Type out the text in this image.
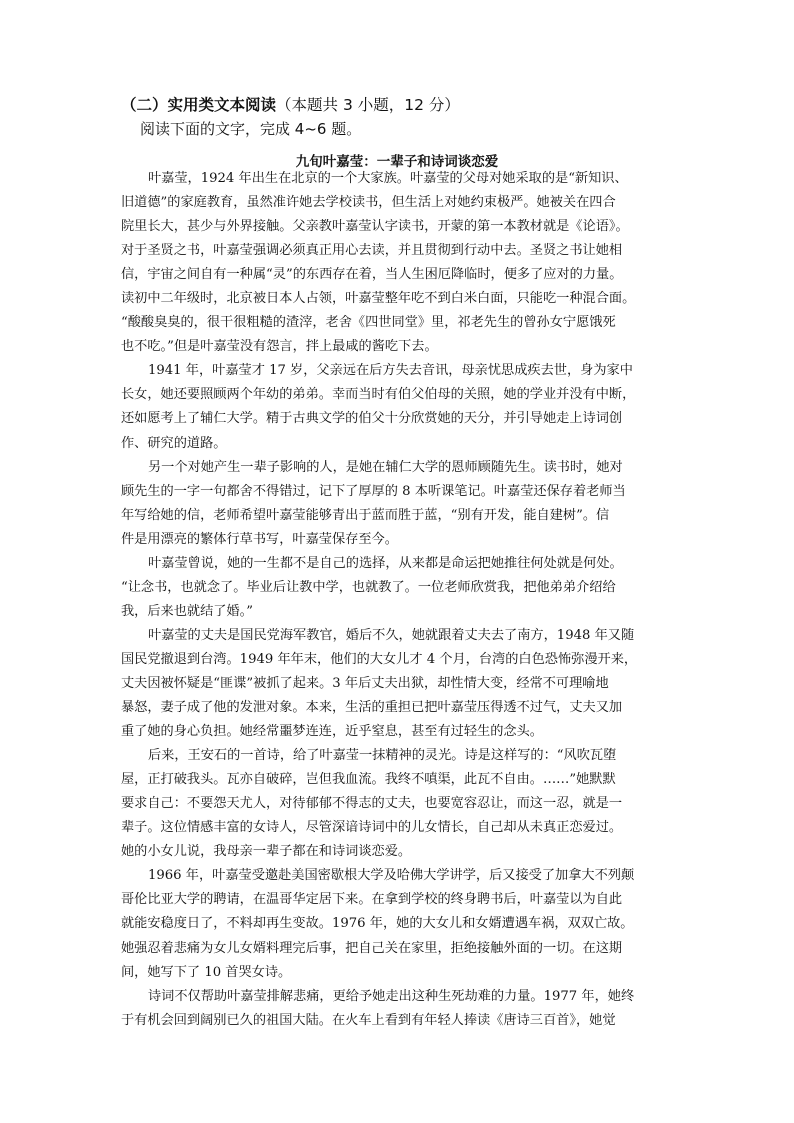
（二）实用类文本阅读（本题共 3 小题，12 分）
阅读下面的文字，完成 4~6 题。
九旬叶嘉莹：一辈子和诗词谈恋爱
叶嘉莹，1924 年出生在北京的一个大家族。叶嘉莹的父母对她采取的是“新知识、
旧道德”的家庭教育，虽然准许她去学校读书，但生活上对她约束极严。她被关在四合
院里长大，甚少与外界接触。父亲教叶嘉莹认字读书，开蒙的第一本教材就是《论语》。
对于圣贤之书，叶嘉莹强调必须真正用心去读，并且贯彻到行动中去。圣贤之书让她相
信，宇宙之间自有一种属“灵”的东西存在着，当人生困厄降临时，便多了应对的力量。
读初中二年级时，北京被日本人占领，叶嘉莹整年吃不到白米白面，只能吃一种混合面。
“酸酸臭臭的，很干很粗糙的渣滓，老舍《四世同堂》里，祁老先生的曾孙女宁愿饿死
也不吃。”但是叶嘉莹没有怨言，拌上最咸的酱吃下去。
1941 年，叶嘉莹才 17 岁，父亲远在后方失去音讯，母亲忧思成疾去世，身为家中
长女，她还要照顾两个年幼的弟弟。幸而当时有伯父伯母的关照，她的学业并没有中断，
还如愿考上了辅仁大学。精于古典文学的伯父十分欣赏她的天分，并引导她走上诗词创
作、研究的道路。
另一个对她产生一辈子影响的人，是她在辅仁大学的恩师顾随先生。读书时，她对
顾先生的一字一句都舍不得错过，记下了厚厚的 8 本听课笔记。叶嘉莹还保存着老师当
年写给她的信，老师希望叶嘉莹能够青出于蓝而胜于蓝，“别有开发，能自建树”。信
件是用漂亮的繁体行草书写，叶嘉莹保存至今。
叶嘉莹曾说，她的一生都不是自己的选择，从来都是命运把她推往何处就是何处。
“让念书，也就念了。毕业后让教中学，也就教了。一位老师欣赏我，把他弟弟介绍给
我，后来也就结了婚。”
叶嘉莹的丈夫是国民党海军教官，婚后不久，她就跟着丈夫去了南方，1948 年又随
国民党撤退到台湾。1949 年年末，他们的大女儿才 4 个月，台湾的白色恐怖弥漫开来，
丈夫因被怀疑是“匪谍”被抓了起来。3 年后丈夫出狱，却性情大变，经常不可理喻地
暴怒，妻子成了他的发泄对象。本来，生活的重担已把叶嘉莹压得透不过气，丈夫又加
重了她的身心负担。她经常噩梦连连，近乎窒息，甚至有过轻生的念头。
后来，王安石的一首诗，给了叶嘉莹一抹精神的灵光。诗是这样写的：“风吹瓦堕
屋，正打破我头。瓦亦自破碎，岂但我血流。我终不嗔渠，此瓦不自由。……”她默默
要求自己：不要怨天尤人，对待郁郁不得志的丈夫，也要宽容忍让，而这一忍，就是一
辈子。这位情感丰富的女诗人，尽管深谙诗词中的儿女情长，自己却从未真正恋爱过。
她的小女儿说，我母亲一辈子都在和诗词谈恋爱。
1966 年，叶嘉莹受邀赴美国密歇根大学及哈佛大学讲学，后又接受了加拿大不列颠
哥伦比亚大学的聘请，在温哥华定居下来。在拿到学校的终身聘书后，叶嘉莹以为自此
就能安稳度日了，不料却再生变故。1976 年，她的大女儿和女婿遭遇车祸，双双亡故。
她强忍着悲痛为女儿女婿料理完后事，把自己关在家里，拒绝接触外面的一切。在这期
间，她写下了 10 首哭女诗。
诗词不仅帮助叶嘉莹排解悲痛，更给予她走出这种生死劫难的力量。1977 年，她终
于有机会回到阔别已久的祖国大陆。在火车上看到有年轻人捧读《唐诗三百首》，她觉
